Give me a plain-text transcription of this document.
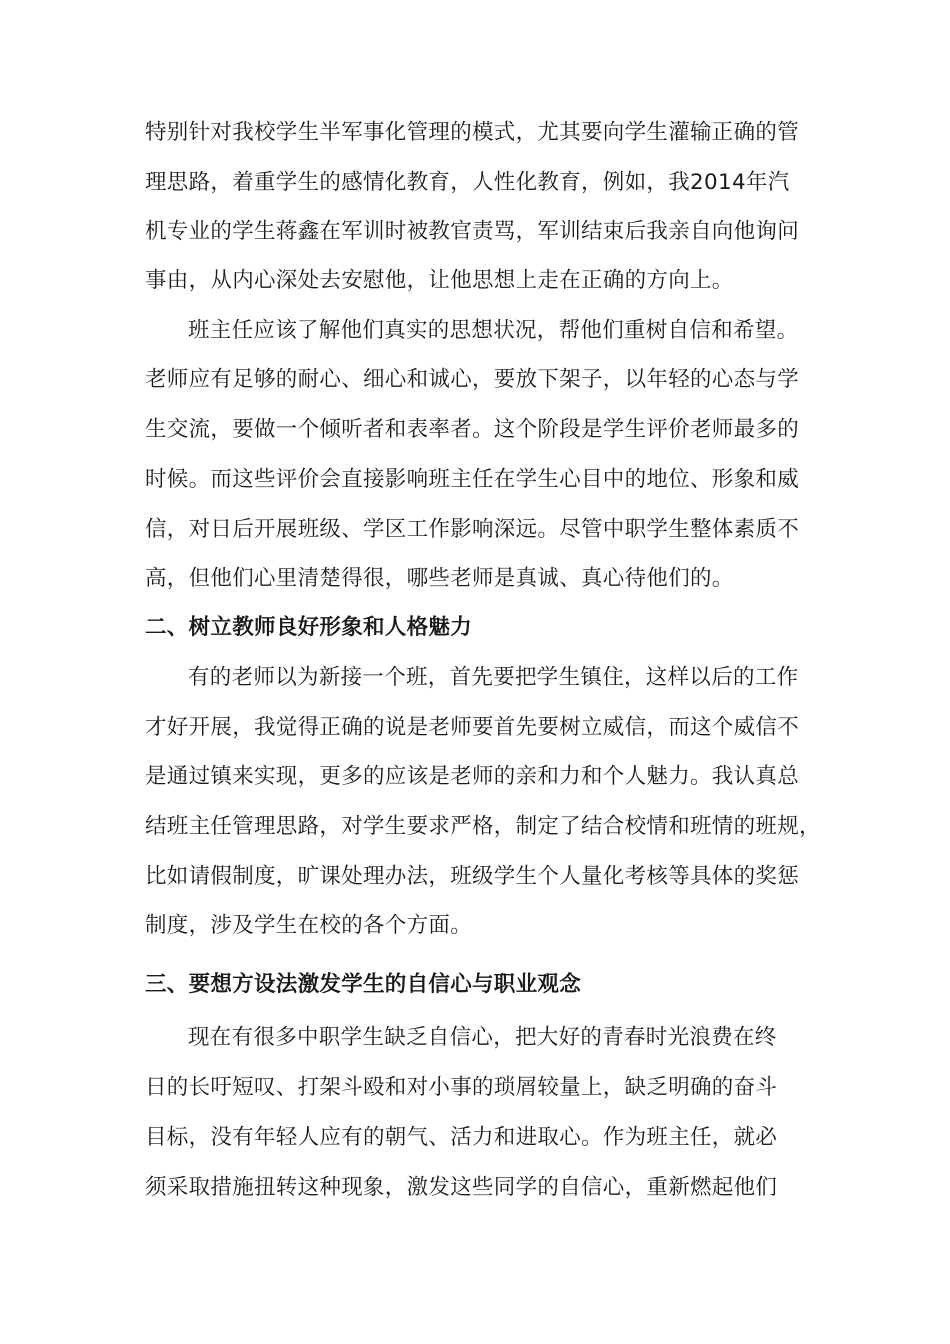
特别针对我校学生半军事化管理的模式，尤其要向学生灌输正确的管
理思路，着重学生的感情化教育，人性化教育，例如，我2014年汽
机专业的学生蒋鑫在军训时被教官责骂，军训结束后我亲自向他询问
事由，从内心深处去安慰他，让他思想上走在正确的方向上。
班主任应该了解他们真实的思想状况，帮他们重树自信和希望。
老师应有足够的耐心、细心和诚心，要放下架子，以年轻的心态与学
生交流，要做一个倾听者和表率者。这个阶段是学生评价老师最多的
时候。而这些评价会直接影响班主任在学生心目中的地位、形象和威
信，对日后开展班级、学区工作影响深远。尽管中职学生整体素质不
高，但他们心里清楚得很，哪些老师是真诚、真心待他们的。
二、树立教师良好形象和人格魅力
有的老师以为新接一个班，首先要把学生镇住，这样以后的工作
才好开展，我觉得正确的说是老师要首先要树立威信，而这个威信不
是通过镇来实现，更多的应该是老师的亲和力和个人魅力。我认真总
结班主任管理思路，对学生要求严格，制定了结合校情和班情的班规，
比如请假制度，旷课处理办法，班级学生个人量化考核等具体的奖惩
制度，涉及学生在校的各个方面。
三、要想方设法激发学生的自信心与职业观念
现在有很多中职学生缺乏自信心，把大好的青春时光浪费在终
日的长吁短叹、打架斗殴和对小事的琐屑较量上，缺乏明确的奋斗
目标，没有年轻人应有的朝气、活力和进取心。作为班主任，就必
须采取措施扭转这种现象，激发这些同学的自信心，重新燃起他们
